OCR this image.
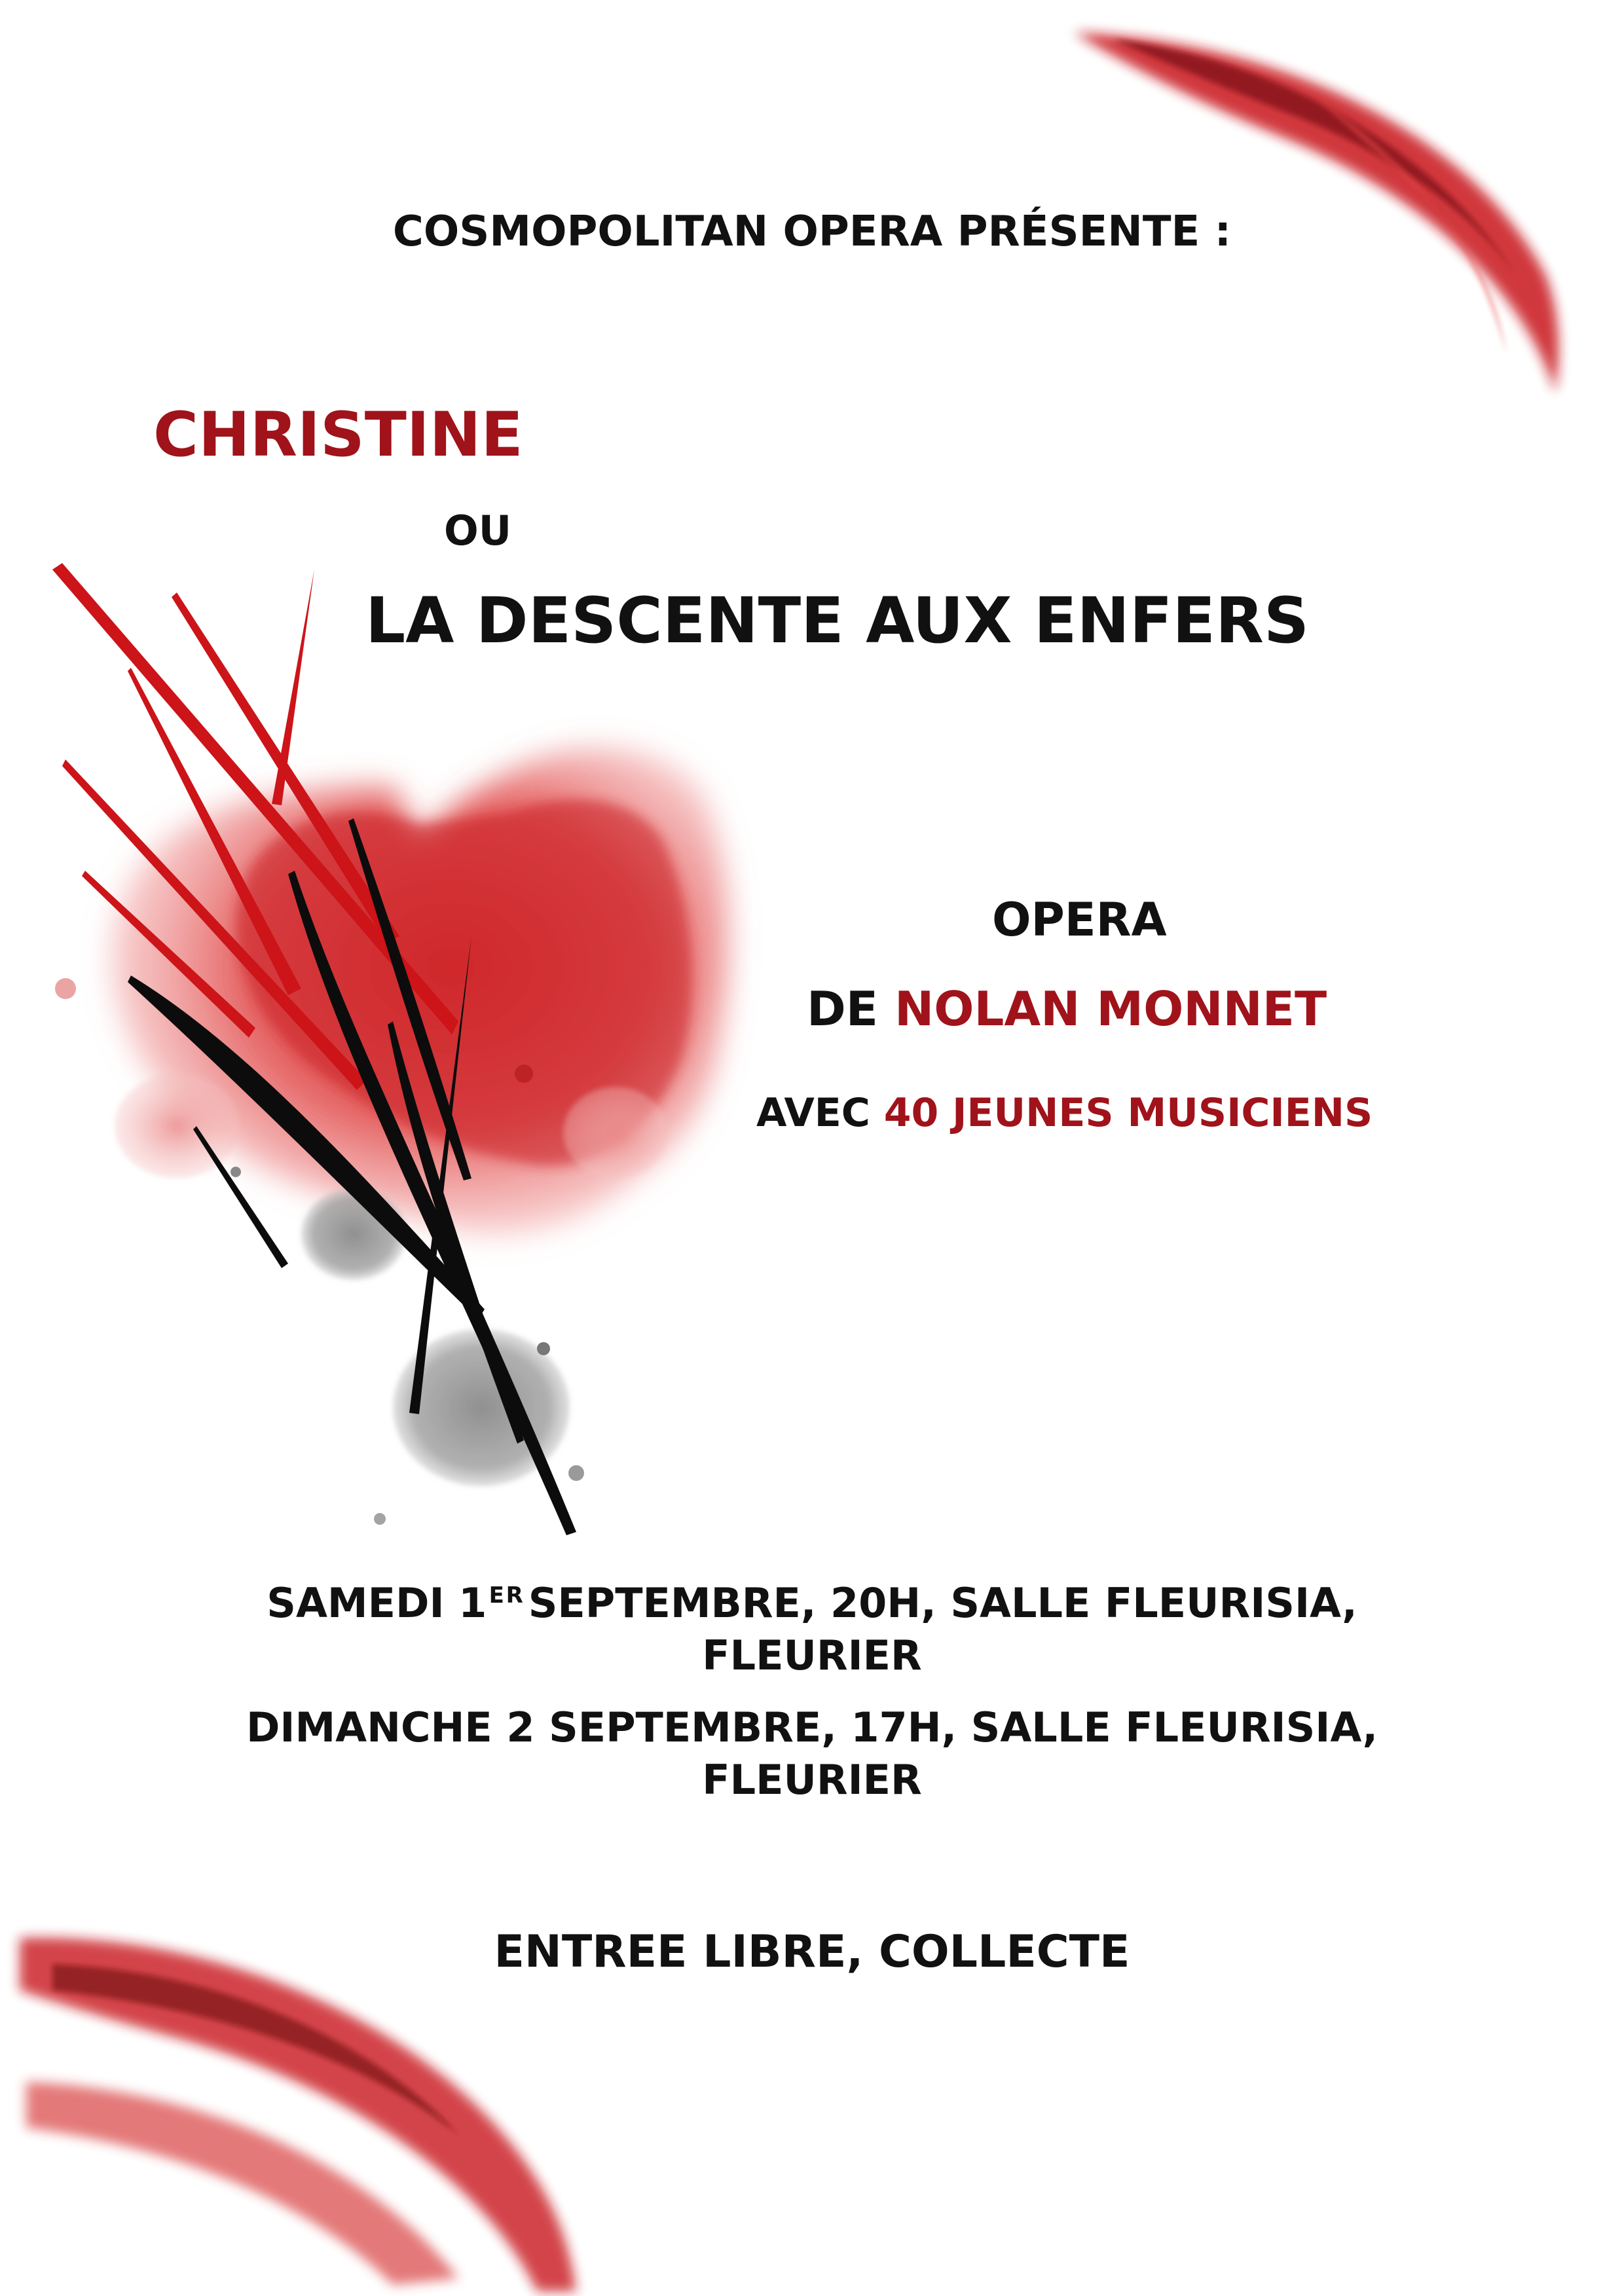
COSMOPOLITAN OPERA PRÉSENTE :

CHRISTINE

OU

LA DESCENTE AUX ENFERS

OPERA

DE NOLAN MONNET

AVEC 40 JEUNES MUSICIENS

SAMEDI 1ERSEPTEMBRE, 20H, SALLE FLEURISIA,

FLEURIER

DIMANCHE 2 SEPTEMBRE, 17H, SALLE FLEURISIA,

FLEURIER

ENTREE LIBRE, COLLECTE
